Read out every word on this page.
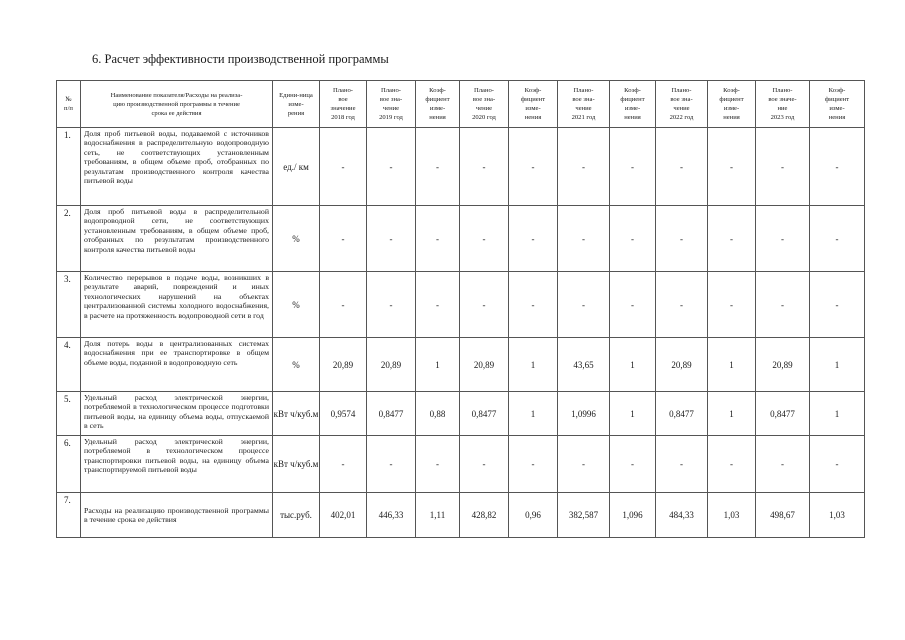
6. Расчет эффективности производственной программы
№
п/п	Наименование показателя/Расходы на реализа-
цию производственной программы в течение
срока ее действия	Едини-ница
изме-
рения	Плано-
вое
значение
2018 год	Плано-
вое зна-
чение
2019 год	Коэф-
фициент
изме-
нения	Плано-
вое зна-
чение
2020 год	Коэф-
фициент
изме-
нения	Плано-
вое зна-
чение
2021 год	Коэф-
фициент
изме-
нения	Плано-
вое зна-
чение
2022 год	Коэф-
фициент
изме-
нения	Плано-
вое значе-
ние
2023 год	Коэф-
фициент
изме-
нения

1.	Доля проб питьевой воды, подаваемой с источников водоснабжения в распределительную водопроводную сеть, не соответствующих установленным требованиям, в общем объеме проб, отобранных по результатам производственного контроля качества питьевой воды	ед./ км	-	-	-	-	-	-	-	-	-	-	-
2.	Доля проб питьевой воды в распределительной водопроводной сети, не соответствующих установленным требованиям, в общем объеме проб, отобранных по результатам производственного контроля качества питьевой воды	%	-	-	-	-	-	-	-	-	-	-	-
3.	Количество перерывов в подаче воды, возникших в результате аварий, повреждений и иных технологических нарушений на объектах централизованной системы холодного водоснабжения, в расчете на протяженность водопроводной сети в год	%	-	-	-	-	-	-	-	-	-	-	-
4.	Доля потерь воды в централизованных системах водоснабжения при ее транспортировке в общем объеме воды, поданной в водопроводную сеть	%	20,89	20,89	1	20,89	1	43,65	1	20,89	1	20,89	1
5.	Удельный расход электрической энергии, потребляемой в технологическом процессе подготовки питьевой воды, на единицу объема воды, отпускаемой в сеть	кВт ч/куб.м	0,9574	0,8477	0,88	0,8477	1	1,0996	1	0,8477	1	0,8477	1
6.	Удельный расход электрической энергии, потребляемой в технологическом процессе транспортировки питьевой воды, на единицу объема транспортируемой питьевой воды	кВт ч/куб.м	-	-	-	-	-	-	-	-	-	-	-
7.	Расходы на реализацию производственной программы в течение срока ее действия	тыс.руб.	402,01	446,33	1,11	428,82	0,96	382,587	1,096	484,33	1,03	498,67	1,03
